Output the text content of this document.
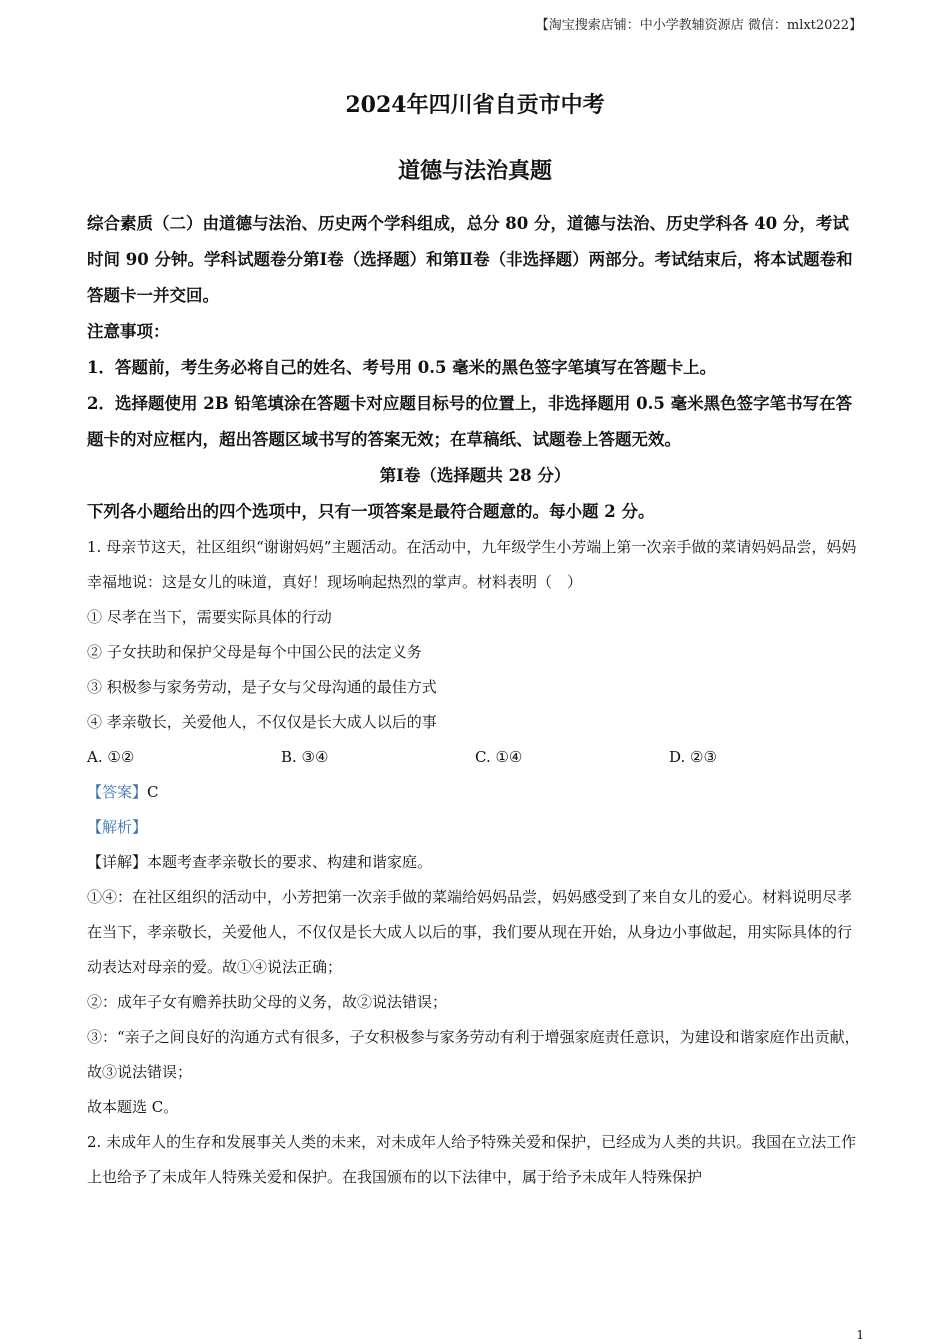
【淘宝搜索店铺：中小学教辅资源店 微信：mlxt2022】
2024年四川省自贡市中考
道德与法治真题

综合素质（二）由道德与法治、历史两个学科组成，总分 80 分，道德与法治、历史学科各 40 分，考试时间 90 分钟。学科试题卷分第Ⅰ卷（选择题）和第Ⅱ卷（非选择题）两部分。考试结束后，将本试题卷和答题卡一并交回。

注意事项：

1．答题前，考生务必将自己的姓名、考号用 0.5 毫米的黑色签字笔填写在答题卡上。

2．选择题使用 2B 铅笔填涂在答题卡对应题目标号的位置上，非选择题用 0.5 毫米黑色签字笔书写在答题卡的对应框内，超出答题区域书写的答案无效；在草稿纸、试题卷上答题无效。

第Ⅰ卷（选择题共 28 分）

下列各小题给出的四个选项中，只有一项答案是最符合题意的。每小题 2 分。

1. 母亲节这天，社区组织“谢谢妈妈”主题活动。在活动中，九年级学生小芳端上第一次亲手做的菜请妈妈品尝，妈妈幸福地说：这是女儿的味道，真好！现场响起热烈的掌声。材料表明（　）

① 尽孝在当下，需要实际具体的行动

② 子女扶助和保护父母是每个中国公民的法定义务

③ 积极参与家务劳动，是子女与父母沟通的最佳方式

④ 孝亲敬长，关爱他人，不仅仅是长大成人以后的事

A. ①②	B. ③④	C. ①④	D. ②③

【答案】C

【解析】

【详解】本题考查孝亲敬长的要求、构建和谐家庭。

①④：在社区组织的活动中，小芳把第一次亲手做的菜端给妈妈品尝，妈妈感受到了来自女儿的爱心。材料说明尽孝在当下，孝亲敬长，关爱他人，不仅仅是长大成人以后的事，我们要从现在开始，从身边小事做起，用实际具体的行动表达对母亲的爱。故①④说法正确；

②：成年子女有赡养扶助父母的义务，故②说法错误；

③：“亲子之间良好的沟通方式有很多，子女积极参与家务劳动有利于增强家庭责任意识，为建设和谐家庭作出贡献，故③说法错误；

故本题选 C。

2. 未成年人的生存和发展事关人类的未来，对未成年人给予特殊关爱和保护，已经成为人类的共识。我国在立法工作上也给予了未成年人特殊关爱和保护。在我国颁布的以下法律中，属于给予未成年人特殊保护

1
